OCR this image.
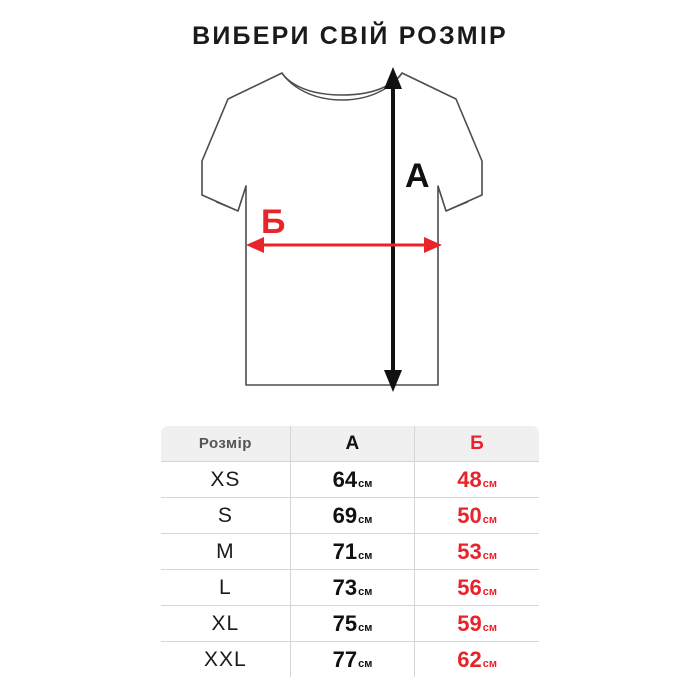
ВИБЕРИ СВІЙ РОЗМІР
А
Б
Розмір	А	Б
XS	64 см	48 см

S	69 см	50 см

M	71 см	53 см

L	73 см	56 см

XL	75 см	59 см

XXL	77 см	62 см
